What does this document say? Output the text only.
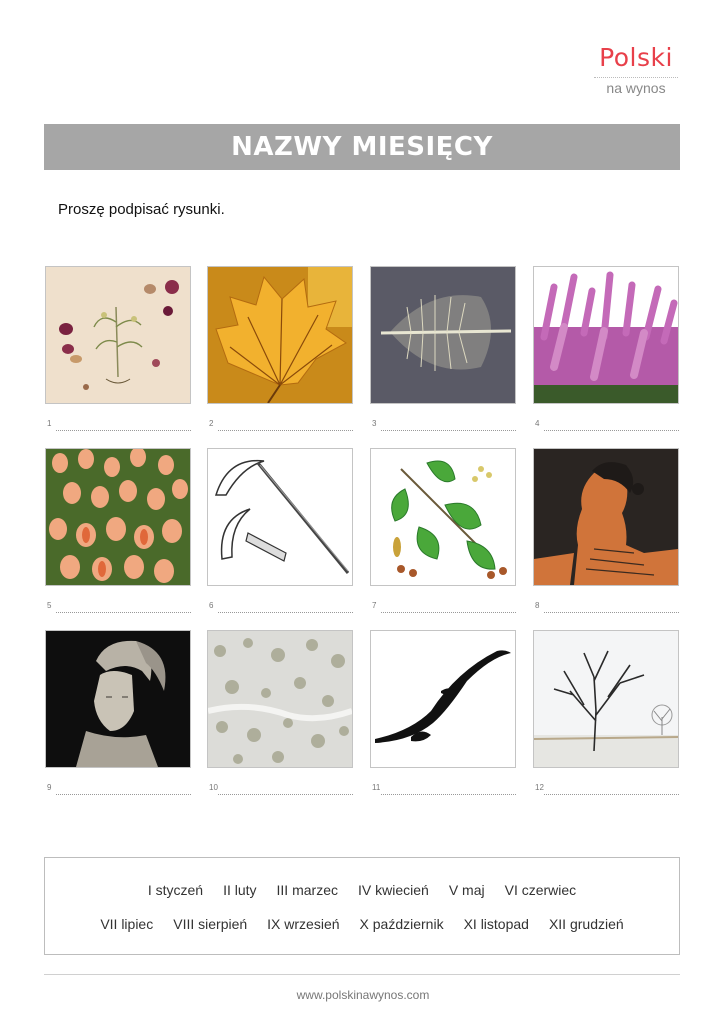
Polski
na wynos
NAZWY MIESIĘCY
Proszę podpisać rysunki.
1	2	3	4
5	6	7	8
9	10	11	12
I styczeń II luty III marzec IV kwiecień V maj VI czerwiec
VII lipiec VIII sierpień IX wrzesień X październik XI listopad XII grudzień
www.polskinawynos.com
